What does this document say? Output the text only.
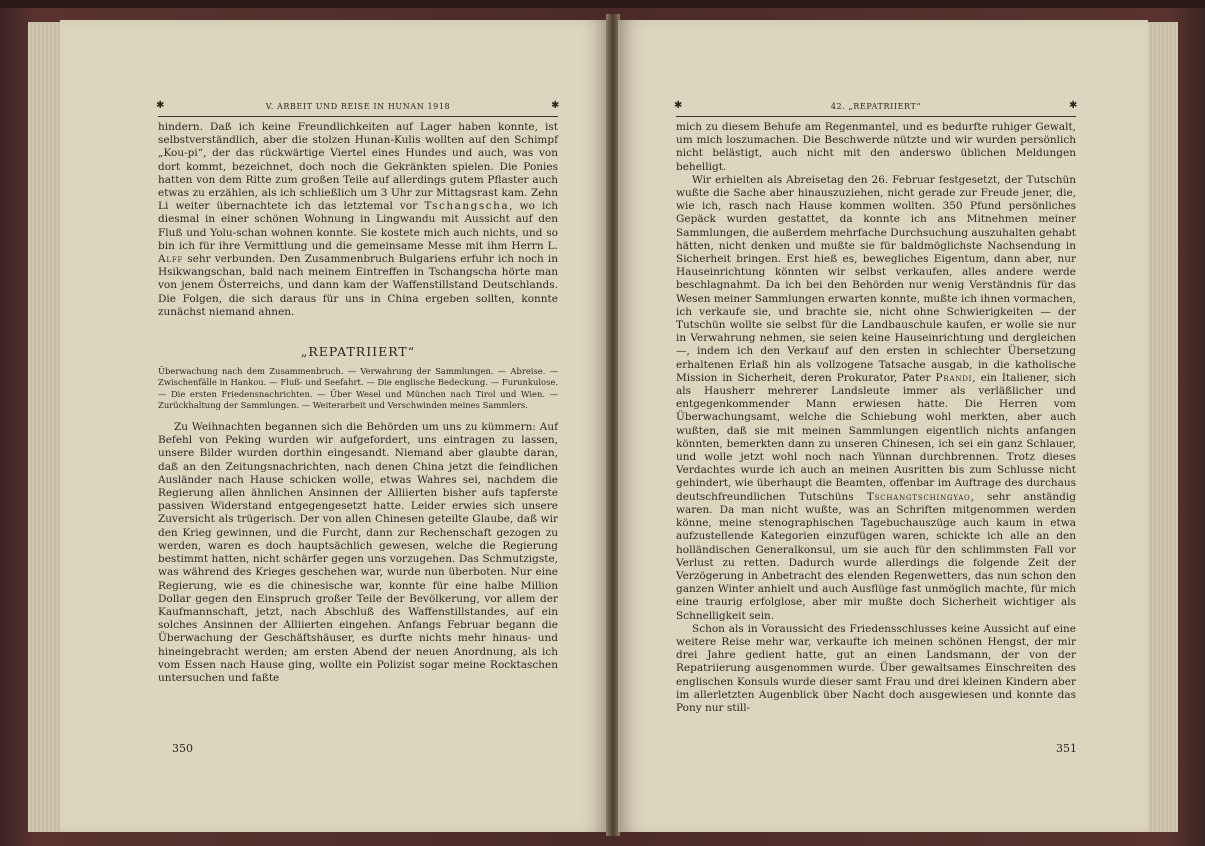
✱	V. ARBEIT UND REISE IN HUNAN 1918	✱

hindern. Daß ich keine Freundlichkeiten auf Lager haben konnte, ist selbstverständlich, aber die stolzen Hunan-Kulis wollten auf den Schimpf „Kou-pi“, der das rückwärtige Viertel eines Hundes und auch, was von dort kommt, bezeichnet, doch noch die Gekränkten spielen. Die Ponies hatten von dem Ritte zum großen Teile auf allerdings gutem Pflaster auch etwas zu erzählen, als ich schließlich um 3 Uhr zur Mittagsrast kam. Zehn Li weiter übernachtete ich das letztemal vor Tschangscha, wo ich diesmal in einer schönen Wohnung in Lingwandu mit Aussicht auf den Fluß und Yolu-schan wohnen konnte. Sie kostete mich auch nichts, und so bin ich für ihre Vermittlung und die gemeinsame Messe mit ihm Herrn L. Alff sehr verbunden. Den Zusammenbruch Bulgariens erfuhr ich noch in Hsikwangschan, bald nach meinem Eintreffen in Tschangscha hörte man von jenem Österreichs, und dann kam der Waffenstillstand Deutschlands. Die Folgen, die sich daraus für uns in China ergeben sollten, konnte zunächst niemand ahnen.

„REPATRIIERT“
Überwachung nach dem Zusammenbruch. — Verwahrung der Sammlungen. — Abreise. — Zwischenfälle in Hankou. — Fluß- und Seefahrt. — Die englische Bedeckung. — Furunkulose. — Die ersten Friedensnachrichten. — Über Wesel und München nach Tirol und Wien. — Zurückhaltung der Sammlungen. — Weiterarbeit und Verschwinden meines Sammlers.

Zu Weihnachten begannen sich die Behörden um uns zu kümmern: Auf Befehl von Peking wurden wir aufgefordert, uns eintragen zu lassen, unsere Bilder wurden dorthin eingesandt. Niemand aber glaubte daran, daß an den Zeitungsnachrichten, nach denen China jetzt die feindlichen Ausländer nach Hause schicken wolle, etwas Wahres sei, nachdem die Regierung allen ähnlichen Ansinnen der Alliierten bisher aufs tapferste passiven Widerstand entgegengesetzt hatte. Leider erwies sich unsere Zuversicht als trügerisch. Der von allen Chinesen geteilte Glaube, daß wir den Krieg gewinnen, und die Furcht, dann zur Rechenschaft gezogen zu werden, waren es doch hauptsächlich gewesen, welche die Regierung bestimmt hatten, nicht schärfer gegen uns vorzugehen. Das Schmutzigste, was während des Krieges geschehen war, wurde nun überboten. Nur eine Regierung, wie es die chinesische war, konnte für eine halbe Million Dollar gegen den Einspruch großer Teile der Bevölkerung, vor allem der Kaufmannschaft, jetzt, nach Abschluß des Waffenstillstandes, auf ein solches Ansinnen der Alliierten eingehen. Anfangs Februar begann die Überwachung der Geschäftshäuser, es durfte nichts mehr hinaus- und hineingebracht werden; am ersten Abend der neuen Anordnung, als ich vom Essen nach Hause ging, wollte ein Polizist sogar meine Rocktaschen untersuchen und faßte

350
✱	42. „REPATRIIERT“	✱

mich zu diesem Behufe am Regenmantel, und es bedurfte ruhiger Gewalt, um mich loszumachen. Die Beschwerde nützte und wir wurden persönlich nicht belästigt, auch nicht mit den anderswo üblichen Meldungen behelligt.

Wir erhielten als Abreisetag den 26. Februar festgesetzt, der Tutschün wußte die Sache aber hinauszuziehen, nicht gerade zur Freude jener, die, wie ich, rasch nach Hause kommen wollten. 350 Pfund persönliches Gepäck wurden gestattet, da konnte ich ans Mitnehmen meiner Sammlungen, die außerdem mehrfache Durchsuchung auszuhalten gehabt hätten, nicht denken und mußte sie für baldmöglichste Nachsendung in Sicherheit bringen. Erst hieß es, bewegliches Eigentum, dann aber, nur Hauseinrichtung könnten wir selbst verkaufen, alles andere werde beschlagnahmt. Da ich bei den Behörden nur wenig Verständnis für das Wesen meiner Sammlungen erwarten konnte, mußte ich ihnen vormachen, ich verkaufe sie, und brachte sie, nicht ohne Schwierigkeiten — der Tutschün wollte sie selbst für die Landbauschule kaufen, er wolle sie nur in Verwahrung nehmen, sie seien keine Hauseinrichtung und dergleichen —, indem ich den Verkauf auf den ersten in schlechter Übersetzung erhaltenen Erlaß hin als vollzogene Tatsache ausgab, in die katholische Mission in Sicherheit, deren Prokurator, Pater Prandi, ein Italiener, sich als Hausherr mehrerer Landsleute immer als verläßlicher und entgegenkommender Mann erwiesen hatte. Die Herren vom Überwachungsamt, welche die Schiebung wohl merkten, aber auch wußten, daß sie mit meinen Sammlungen eigentlich nichts anfangen könnten, bemerkten dann zu unseren Chinesen, ich sei ein ganz Schlauer, und wolle jetzt wohl noch nach Yünnan durchbrennen. Trotz dieses Verdachtes wurde ich auch an meinen Ausritten bis zum Schlusse nicht gehindert, wie überhaupt die Beamten, offenbar im Auftrage des durchaus deutschfreundlichen Tutschüns Tschangtschingyao, sehr anständig waren. Da man nicht wußte, was an Schriften mitgenommen werden könne, meine stenographischen Tagebuchauszüge auch kaum in etwa aufzustellende Kategorien einzufügen waren, schickte ich alle an den holländischen Generalkonsul, um sie auch für den schlimmsten Fall vor Verlust zu retten. Dadurch wurde allerdings die folgende Zeit der Verzögerung in Anbetracht des elenden Regenwetters, das nun schon den ganzen Winter anhielt und auch Ausflüge fast unmöglich machte, für mich eine traurig erfolglose, aber mir mußte doch Sicherheit wichtiger als Schnelligkeit sein.

Schon als in Voraussicht des Friedensschlusses keine Aussicht auf eine weitere Reise mehr war, verkaufte ich meinen schönen Hengst, der mir drei Jahre gedient hatte, gut an einen Landsmann, der von der Repatriierung ausgenommen wurde. Über gewaltsames Einschreiten des englischen Konsuls wurde dieser samt Frau und drei kleinen Kindern aber im allerletzten Augenblick über Nacht doch ausgewiesen und konnte das Pony nur still-

351
